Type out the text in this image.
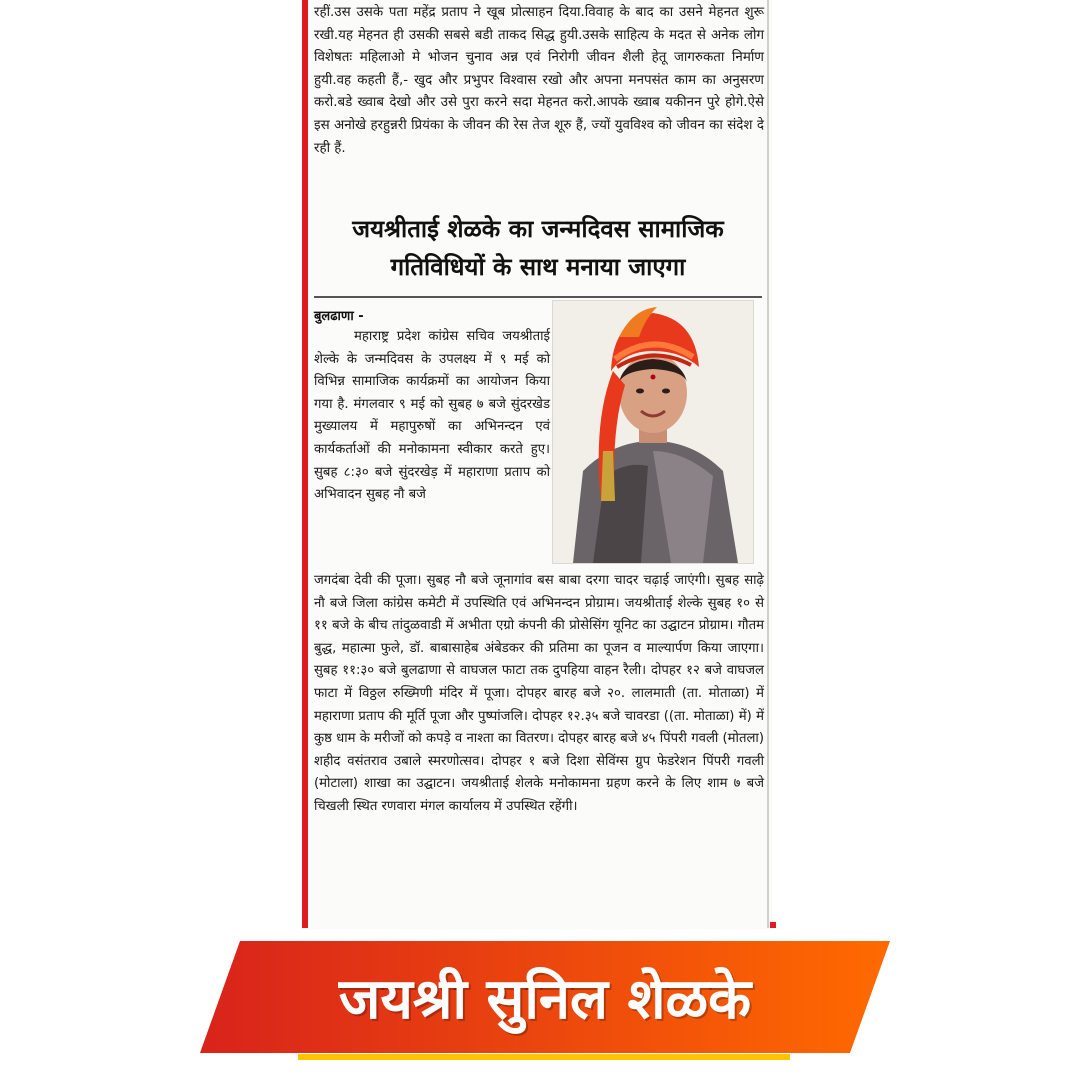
रहीं.उस उसके पता महेंद्र प्रताप ने खूब प्रोत्साहन दिया.विवाह के बाद का उसने मेहनत शुरू रखी.यह मेहनत ही उसकी सबसे बडी ताकद सिद्ध हुयी.उसके साहित्य के मदत से अनेक लोग विशेषतः महिलाओ मे भोजन चुनाव अन्न एवं निरोगी जीवन शैली हेतू जागरुकता निर्माण हुयी.वह कहती हैं,- खुद और प्रभुपर विश्वास रखो और अपना मनपसंत काम का अनुसरण करो.बडे ख्वाब देखो और उसे पुरा करने सदा मेहनत करो.आपके ख्वाब यकीनन पुरे होगे.ऐसे इस अनोखे हरहुन्नरी प्रियंका के जीवन की रेस तेज शूरु हैं, ज्यों युवविश्व को जीवन का संदेश दे रही हैं.

जयश्रीताई शेळके का जन्मदिवस सामाजिक गतिविधियों के साथ मनाया जाएगा

बुलढाणा -

महाराष्ट्र प्रदेश कांग्रेस सचिव जयश्रीताई शेल्के के जन्मदिवस के उपलक्ष्य में ९ मई को विभिन्न सामाजिक कार्यक्रमों का आयोजन किया गया है. मंगलवार ९ मई को सुबह ७ बजे सुंदरखेड मुख्यालय में महापुरुषों का अभिनन्दन एवं कार्यकर्ताओं की मनोकामना स्वीकार करते हुए। सुबह ८:३० बजे सुंदरखेड़ में महाराणा प्रताप को अभिवादन सुबह नौ बजे

जगदंबा देवी की पूजा। सुबह नौ बजे जूनागांव बस बाबा दरगा चादर चढ़ाई जाएंगी। सुबह साढ़े नौ बजे जिला कांग्रेस कमेटी में उपस्थिति एवं अभिनन्दन प्रोग्राम। जयश्रीताई शेल्के सुबह १० से ११ बजे के बीच तांदुळवाडी में अभीता एग्रो कंपनी की प्रोसेसिंग यूनिट का उद्घाटन प्रोग्राम। गौतम बुद्ध, महात्मा फुले, डॉ. बाबासाहेब अंबेडकर की प्रतिमा का पूजन व माल्यार्पण किया जाएगा। सुबह ११:३० बजे बुलढाणा से वाघजल फाटा तक दुपहिया वाहन रैली। दोपहर १२ बजे वाघजल फाटा में विठ्ठल रुख्मिणी मंदिर में पूजा। दोपहर बारह बजे २०. लालमाती (ता. मोताळा) में महाराणा प्रताप की मूर्ति पूजा और पुष्पांजलि। दोपहर १२.३५ बजे चावरडा ((ता. मोताळा) में) में कुष्ठ धाम के मरीजों को कपड़े व नाश्ता का वितरण। दोपहर बारह बजे ४५ पिंपरी गवली (मोतला) शहीद वसंतराव उबाले स्मरणोत्सव। दोपहर १ बजे दिशा सेविंग्स ग्रुप फेडरेशन पिंपरी गवली (मोटाला) शाखा का उद्घाटन। जयश्रीताई शेलके मनोकामना ग्रहण करने के लिए शाम ७ बजे चिखली स्थित रणवारा मंगल कार्यालय में उपस्थित रहेंगी।

जयश्री सुनिल शेळके
